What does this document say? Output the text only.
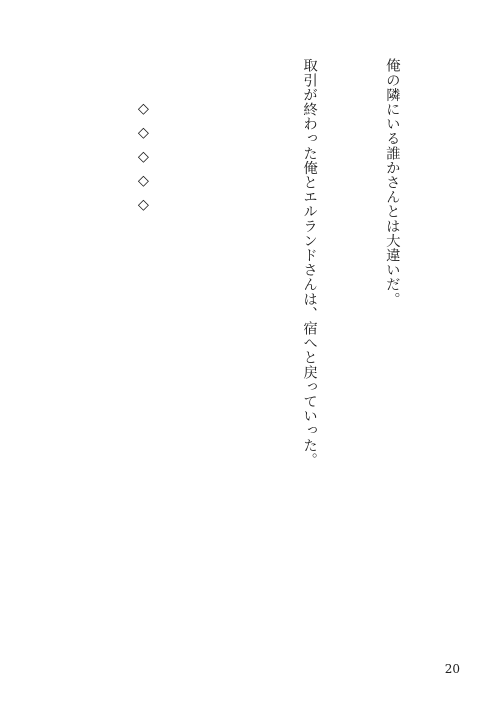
俺の隣にいる誰かさんとは大違いだ。

取引が終わった俺とエルランドさんは、宿へと戻っていった。

◇◇◇◇◇

20
